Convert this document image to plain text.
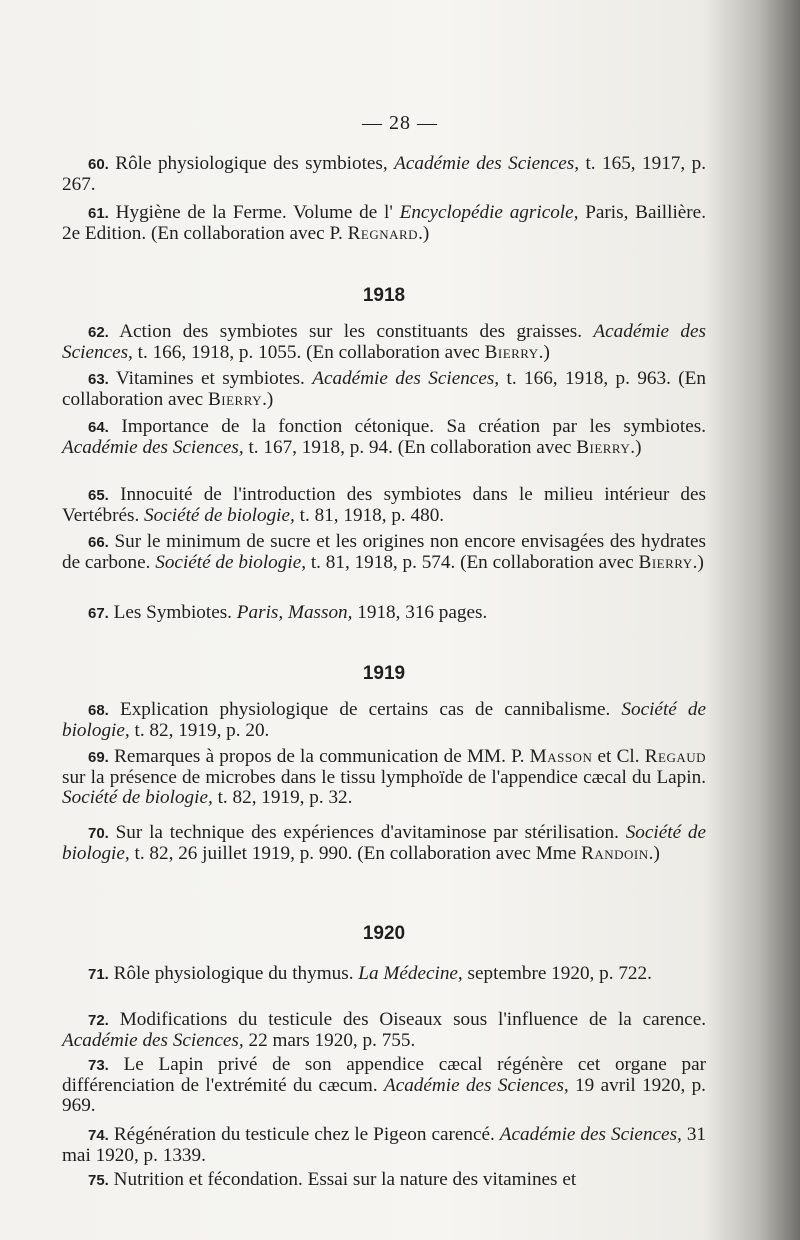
— 28 —
60. Rôle physiologique des symbiotes, Académie des Sciences, t. 165, 1917, p. 267.
61. Hygiène de la Ferme. Volume de l' Encyclopédie agricole, Paris, Baillière. 2e Edition. (En collaboration avec P. Regnard.)
1918
62. Action des symbiotes sur les constituants des graisses. Académie des Sciences, t. 166, 1918, p. 1055. (En collaboration avec Bierry.)
63. Vitamines et symbiotes. Académie des Sciences, t. 166, 1918, p. 963. (En collaboration avec Bierry.)
64. Importance de la fonction cétonique. Sa création par les symbiotes. Académie des Sciences, t. 167, 1918, p. 94. (En collaboration avec Bierry.)
65. Innocuité de l'introduction des symbiotes dans le milieu intérieur des Vertébrés. Société de biologie, t. 81, 1918, p. 480.
66. Sur le minimum de sucre et les origines non encore envisagées des hydrates de carbone. Société de biologie, t. 81, 1918, p. 574. (En collaboration avec Bierry.)
67. Les Symbiotes. Paris, Masson, 1918, 316 pages.
1919
68. Explication physiologique de certains cas de cannibalisme. Société de biologie, t. 82, 1919, p. 20.
69. Remarques à propos de la communication de MM. P. Masson et Cl. Regaud sur la présence de microbes dans le tissu lymphoïde de l'appendice cæcal du Lapin. Société de biologie, t. 82, 1919, p. 32.
70. Sur la technique des expériences d'avitaminose par stérilisation. Société de biologie, t. 82, 26 juillet 1919, p. 990. (En collaboration avec Mme Randoin.)
1920
71. Rôle physiologique du thymus. La Médecine, septembre 1920, p. 722.
72. Modifications du testicule des Oiseaux sous l'influence de la carence. Académie des Sciences, 22 mars 1920, p. 755.
73. Le Lapin privé de son appendice cæcal régénère cet organe par différenciation de l'extrémité du cæcum. Académie des Sciences, 19 avril 1920, p. 969.
74. Régénération du testicule chez le Pigeon carencé. Académie des Sciences, 31 mai 1920, p. 1339.
75. Nutrition et fécondation. Essai sur la nature des vitamines et
